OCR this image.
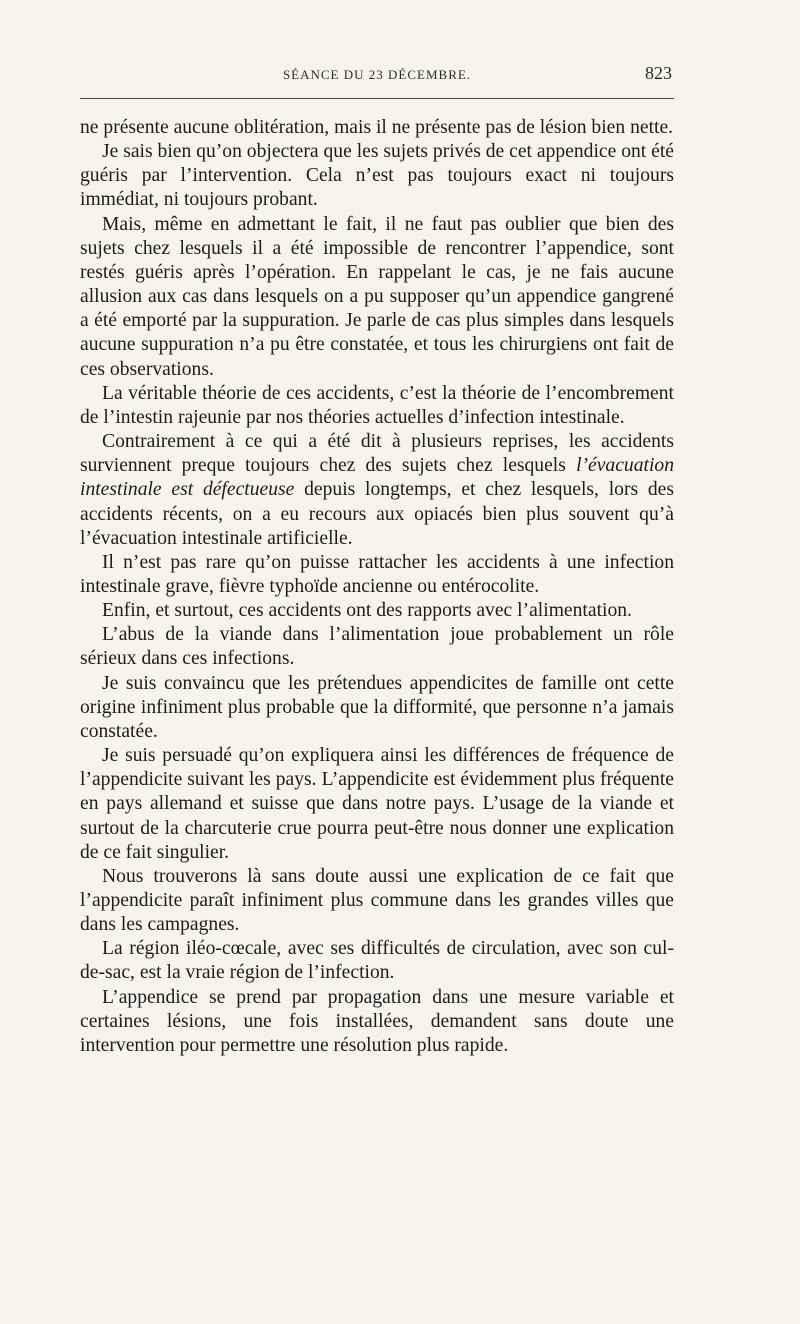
SÉANCE DU 23 DÉCEMBRE.	823

ne présente aucune oblitération, mais il ne présente pas de lésion bien nette.

Je sais bien qu’on objectera que les sujets privés de cet appendice ont été guéris par l’intervention. Cela n’est pas toujours exact ni toujours immédiat, ni toujours probant.

Mais, même en admettant le fait, il ne faut pas oublier que bien des sujets chez lesquels il a été impossible de rencontrer l’appendice, sont restés guéris après l’opération. En rappelant le cas, je ne fais aucune allusion aux cas dans lesquels on a pu supposer qu’un appendice gangrené a été emporté par la suppuration. Je parle de cas plus simples dans lesquels aucune suppuration n’a pu être constatée, et tous les chirurgiens ont fait de ces observations.

La véritable théorie de ces accidents, c’est la théorie de l’encombrement de l’intestin rajeunie par nos théories actuelles d’infection intestinale.

Contrairement à ce qui a été dit à plusieurs reprises, les accidents surviennent preque toujours chez des sujets chez lesquels l’évacuation intestinale est défectueuse depuis longtemps, et chez lesquels, lors des accidents récents, on a eu recours aux opiacés bien plus souvent qu’à l’évacuation intestinale artificielle.

Il n’est pas rare qu’on puisse rattacher les accidents à une infection intestinale grave, fièvre typhoïde ancienne ou entérocolite.

Enfin, et surtout, ces accidents ont des rapports avec l’alimentation.

L’abus de la viande dans l’alimentation joue probablement un rôle sérieux dans ces infections.

Je suis convaincu que les prétendues appendicites de famille ont cette origine infiniment plus probable que la difformité, que personne n’a jamais constatée.

Je suis persuadé qu’on expliquera ainsi les différences de fréquence de l’appendicite suivant les pays. L’appendicite est évidemment plus fréquente en pays allemand et suisse que dans notre pays. L’usage de la viande et surtout de la charcuterie crue pourra peut-être nous donner une explication de ce fait singulier.

Nous trouverons là sans doute aussi une explication de ce fait que l’appendicite paraît infiniment plus commune dans les grandes villes que dans les campagnes.

La région iléo-cœcale, avec ses difficultés de circulation, avec son cul-de-sac, est la vraie région de l’infection.

L’appendice se prend par propagation dans une mesure variable et certaines lésions, une fois installées, demandent sans doute une intervention pour permettre une résolution plus rapide.
